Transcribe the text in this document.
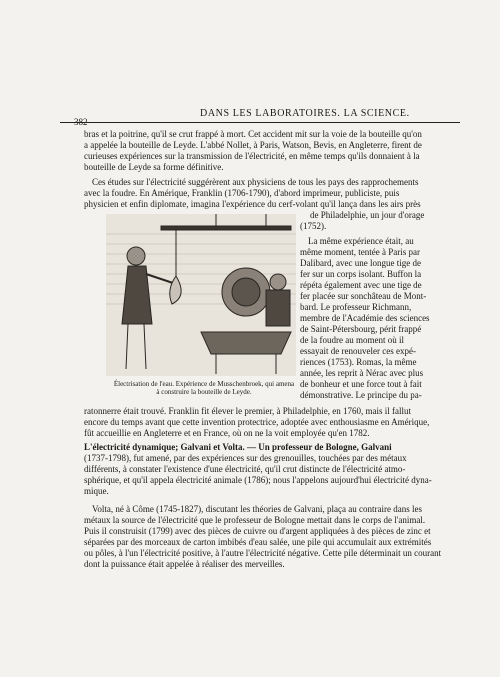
382
DANS LES LABORATOIRES. LA SCIENCE.
bras et la poitrine, qu'il se crut frappé à mort. Cet accident mit sur la voie de la bouteille qu'on
a appelée la bouteille de Leyde. L'abbé Nollet, à Paris, Watson, Bevis, en Angleterre, firent de
curieuses expériences sur la transmission de l'électricité, en même temps qu'ils donnaient à la
bouteille de Leyde sa forme définitive.
Ces études sur l'électricité suggérèrent aux physiciens de tous les pays des rapprochements
avec la foudre. En Amérique, Franklin (1706-1790), d'abord imprimeur, publiciste, puis
physicien et enfin diplomate, imagina l'expérience du cerf-volant qu'il lança dans les airs près
de Philadelphie, un jour d'orage
(1752).
La même expérience était, au
même moment, tentée à Paris par
Dalibard, avec une longue tige de
fer sur un corps isolant. Buffon la
répéta également avec une tige de
fer placée sur sonchâteau de Mont-
bard. Le professeur Richmann,
membre de l'Académie des sciences
de Saint-Pétersbourg, périt frappé
de la foudre au moment où il
essayait de renouveler ces expé-
riences (1753). Romas, la même
année, les reprit à Nérac avec plus
de bonheur et une force tout à fait
démonstrative. Le principe du pa-
Électrisation de l'eau. Expérience de Musschenbroek, qui amena
à construire la bouteille de Leyde.
ratonnerre était trouvé. Franklin fit élever le premier, à Philadelphie, en 1760, mais il fallut
encore du temps avant que cette invention protectrice, adoptée avec enthousiasme en Amérique,
fût accueillie en Angleterre et en France, où on ne la voit employée qu'en 1782.
L'électricité dynamique; Galvani et Volta. — Un professeur de Bologne, Galvani
(1737-1798), fut amené, par des expériences sur des grenouilles, touchées par des métaux
différents, à constater l'existence d'une électricité, qu'il crut distincte de l'électricité atmo-
sphérique, et qu'il appela électricité animale (1786); nous l'appelons aujourd'hui électricité dyna-
mique.
Volta, né à Côme (1745-1827), discutant les théories de Galvani, plaça au contraire dans les
métaux la source de l'électricité que le professeur de Bologne mettait dans le corps de l'animal.
Puis il construisit (1799) avec des pièces de cuivre ou d'argent appliquées à des pièces de zinc et
séparées par des morceaux de carton imbibés d'eau salée, une pile qui accumulait aux extrémités
ou pôles, à l'un l'électricité positive, à l'autre l'électricité négative. Cette pile déterminait un courant
dont la puissance était appelée à réaliser des merveilles.
